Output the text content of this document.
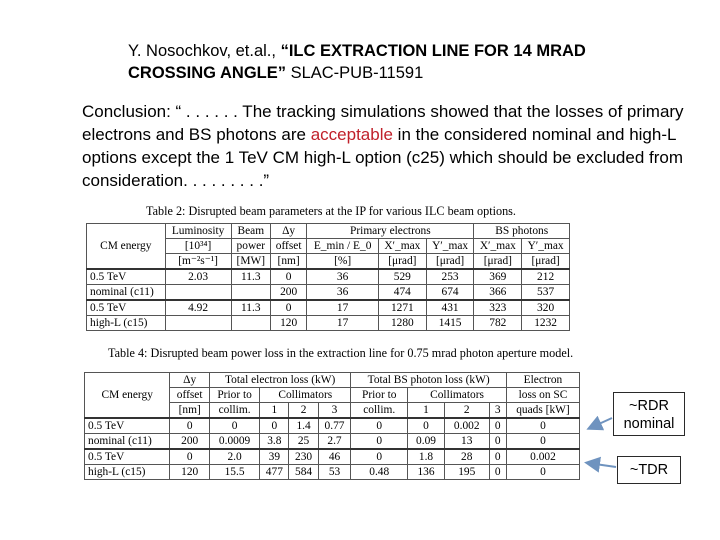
Y. Nosochkov, et.al., “ILC EXTRACTION LINE FOR 14 MRAD
CROSSING ANGLE” SLAC-PUB-11591
Conclusion: “ . . . . . . The tracking simulations showed that the losses of primary electrons and BS photons are acceptable in the considered nominal and high-L options except the 1 TeV CM high-L option (c25) which should be excluded from consideration. . . . . . . . .”
Table 2: Disrupted beam parameters at the IP for various ILC beam options.
CM energy	Luminosity	Beam	Δy	Primary electrons			BS photons	
	[10³⁴]	power	offset	E_min / E_0	X′_max	Y′_max	X′_max	Y′_max
	[m⁻²s⁻¹]	[MW]	[nm]	[%]	[μrad]	[μrad]	[μrad]	[μrad]
0.5 TeV	2.03	11.3	0	36	529	253	369	212
nominal (c11)			200	36	474	674	366	537
0.5 TeV	4.92	11.3	0	17	1271	431	323	320
high-L (c15)			120	17	1280	1415	782	1232
Table 4: Disrupted beam power loss in the extraction line for 0.75 mrad photon aperture model.
CM energy	Δy	Total electron loss (kW)				Total BS photon loss (kW)				Electron
	offset	Prior to	Collimators			Prior to	Collimators			loss on SC
	[nm]	collim.	1	2	3	collim.	1	2	3	quads [kW]
0.5 TeV	0	0	0	1.4	0.77	0	0	0.002	0	0
nominal (c11)	200	0.0009	3.8	25	2.7	0	0.09	13	0	0
0.5 TeV	0	2.0	39	230	46	0	1.8	28	0	0.002
high-L (c15)	120	15.5	477	584	53	0.48	136	195	0	0
~RDR
nominal
~TDR
